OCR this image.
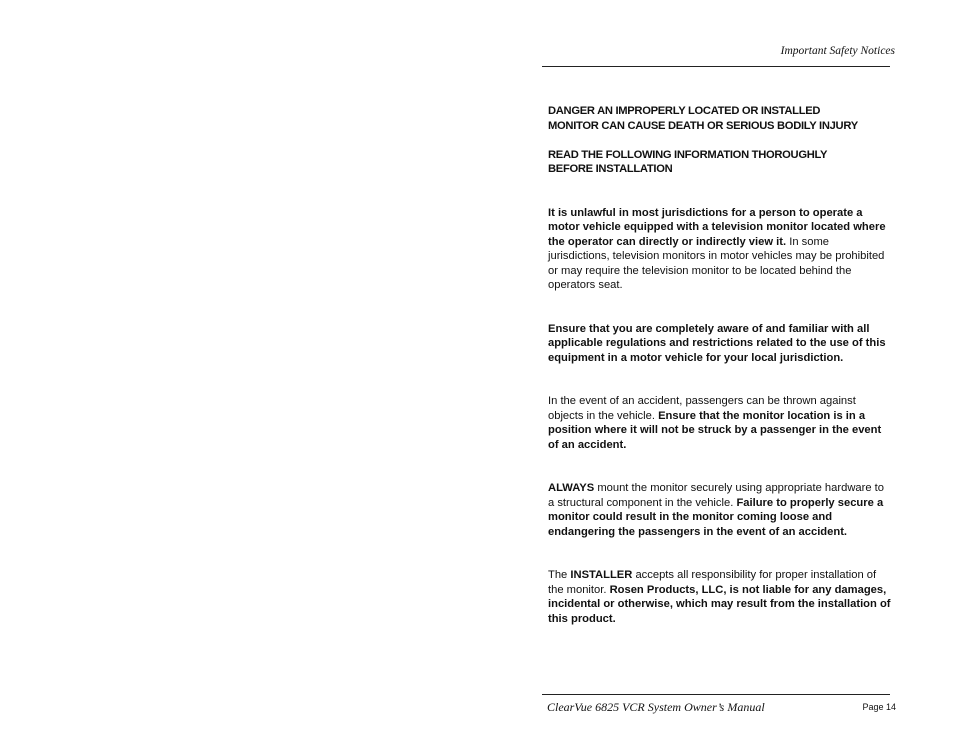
Important Safety Notices

DANGER AN IMPROPERLY LOCATED OR INSTALLED
MONITOR CAN CAUSE DEATH OR SERIOUS BODILY INJURY

READ THE FOLLOWING INFORMATION THOROUGHLY
BEFORE INSTALLATION

It is unlawful in most jurisdictions for a person to operate a motor vehicle equipped with a television monitor located where the operator can directly or indirectly view it. In some jurisdictions, television monitors in motor vehicles may be prohibited or may require the television monitor to be located behind the operators seat.

Ensure that you are completely aware of and familiar with all applicable regulations and restrictions related to the use of this equipment in a motor vehicle for your local jurisdiction.

In the event of an accident, passengers can be thrown against objects in the vehicle. Ensure that the monitor location is in a position where it will not be struck by a passenger in the event of an accident.

ALWAYS mount the monitor securely using appropriate hardware to a structural component in the vehicle. Failure to properly secure a monitor could result in the monitor coming loose and endangering the passengers in the event of an accident.

The INSTALLER accepts all responsibility for proper installation of the monitor. Rosen Products, LLC, is not liable for any damages, incidental or otherwise, which may result from the installation of this product.

ClearVue 6825 VCR System Owner’s Manual	Page 14
